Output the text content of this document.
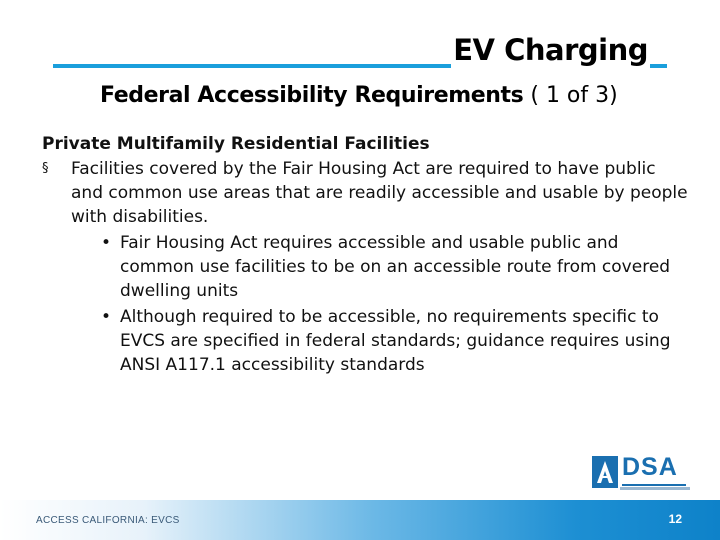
EV Charging
Federal Accessibility Requirements ( 1 of 3)
Private Multifamily Residential Facilities
§ Facilities covered by the Fair Housing Act are required to have public and common use areas that are readily accessible and usable by people with disabilities.
• Fair Housing Act requires accessible and usable public and common use facilities to be on an accessible route from covered dwelling units
• Although required to be accessible, no requirements specific to EVCS are specified in federal standards; guidance requires using ANSI A117.1 accessibility standards
DSA
ACCESS CALIFORNIA: EVCS	12
